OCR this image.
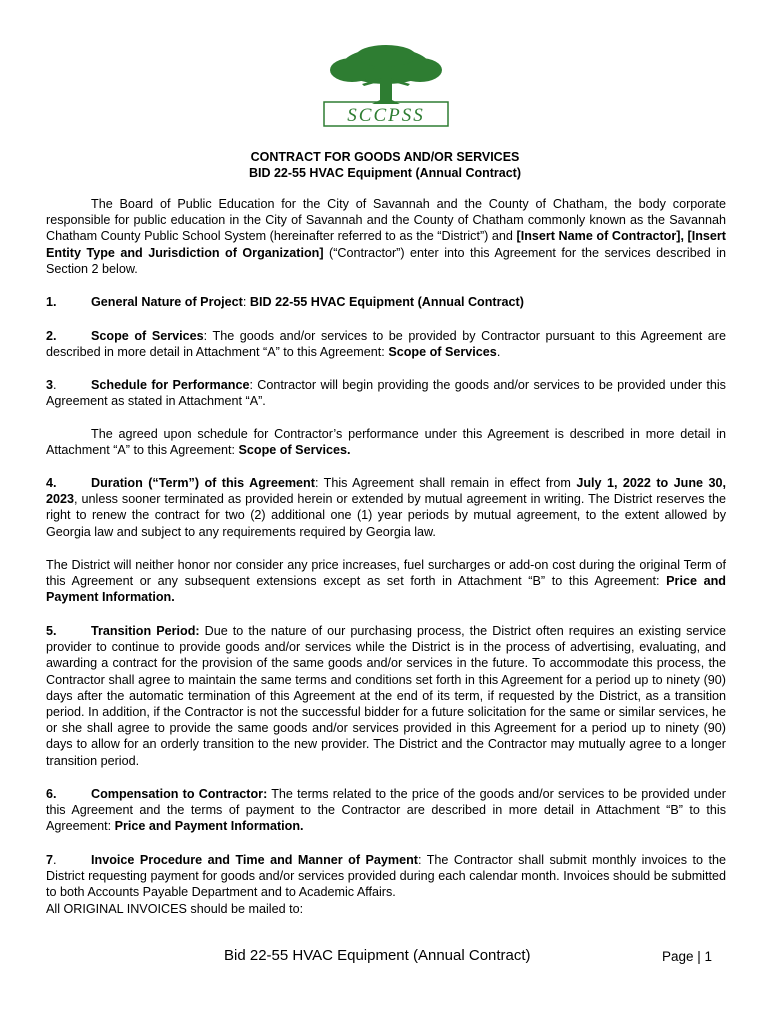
SCCPSS
CONTRACT FOR GOODS AND/OR SERVICES
BID 22-55 HVAC Equipment (Annual Contract)
The Board of Public Education for the City of Savannah and the County of Chatham, the body corporate responsible for public education in the City of Savannah and the County of Chatham commonly known as the Savannah Chatham County Public School System (hereinafter referred to as the “District”) and [Insert Name of Contractor], [Insert Entity Type and Jurisdiction of Organization] (“Contractor”) enter into this Agreement for the services described in Section 2 below.
1.	General Nature of Project: BID 22-55 HVAC Equipment (Annual Contract)
2.	Scope of Services: The goods and/or services to be provided by Contractor pursuant to this Agreement are described in more detail in Attachment “A” to this Agreement: Scope of Services.
3.	Schedule for Performance: Contractor will begin providing the goods and/or services to be provided under this Agreement as stated in Attachment “A”.
The agreed upon schedule for Contractor’s performance under this Agreement is described in more detail in Attachment “A” to this Agreement: Scope of Services.
4.	Duration (“Term”) of this Agreement: This Agreement shall remain in effect from July 1, 2022 to June 30, 2023, unless sooner terminated as provided herein or extended by mutual agreement in writing. The District reserves the right to renew the contract for two (2) additional one (1) year periods by mutual agreement, to the extent allowed by Georgia law and subject to any requirements required by Georgia law.
The District will neither honor nor consider any price increases, fuel surcharges or add-on cost during the original Term of this Agreement or any subsequent extensions except as set forth in Attachment “B” to this Agreement: Price and Payment Information.
5.	Transition Period: Due to the nature of our purchasing process, the District often requires an existing service provider to continue to provide goods and/or services while the District is in the process of advertising, evaluating, and awarding a contract for the provision of the same goods and/or services in the future. To accommodate this process, the Contractor shall agree to maintain the same terms and conditions set forth in this Agreement for a period up to ninety (90) days after the automatic termination of this Agreement at the end of its term, if requested by the District, as a transition period. In addition, if the Contractor is not the successful bidder for a future solicitation for the same or similar services, he or she shall agree to provide the same goods and/or services provided in this Agreement for a period up to ninety (90) days to allow for an orderly transition to the new provider. The District and the Contractor may mutually agree to a longer transition period.
6.	Compensation to Contractor: The terms related to the price of the goods and/or services to be provided under this Agreement and the terms of payment to the Contractor are described in more detail in Attachment “B” to this Agreement: Price and Payment Information.
7.	Invoice Procedure and Time and Manner of Payment: The Contractor shall submit monthly invoices to the District requesting payment for goods and/or services provided during each calendar month. Invoices should be submitted to both Accounts Payable Department and to Academic Affairs.
All ORIGINAL INVOICES should be mailed to:
Bid 22-55 HVAC Equipment (Annual Contract)	Page | 1
